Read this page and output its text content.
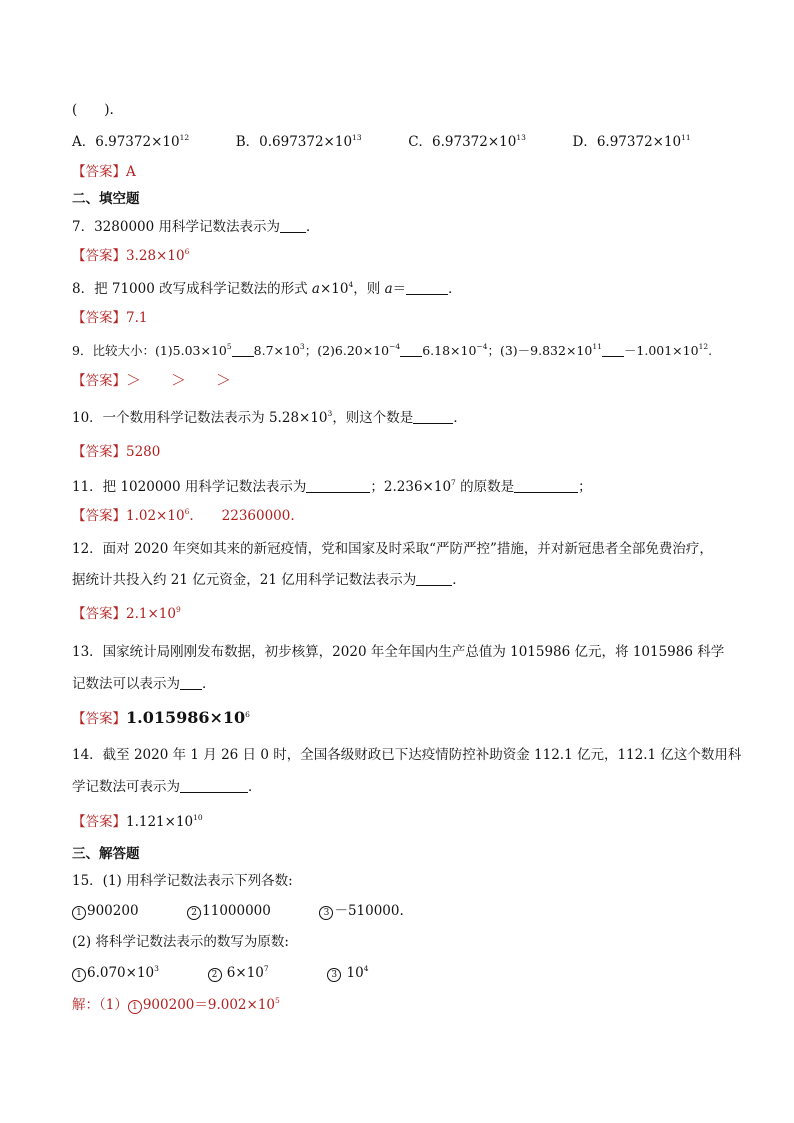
(　　).
A．$6.97372\times 10^{12}$	B．$0.697372\times 10^{13}$	C．$6.97372\times 10^{13}$	D．$6.97372\times 10^{11}$
【答案】A
二、填空题
7．3280000 用科学记数法表示为 ．
【答案】$3.28\times 10^6$
8．把 71000 改写成科学记数法的形式 $a\times 10^4$，则 a＝	．
【答案】7.1
9．比较大小：$(1)5.03\times 10^5$ $8.7\times 10^3$；$(2)6.20\times 10^{-4}$ $6.18\times 10^{-4}$；$(3)-9.832\times 10^{11} -1.001\times 10^{12}$.
【答案】＞ ＞ ＞
10．一个数用科学记数法表示为 $5.28\times 10^3$，则这个数是	．
【答案】5280
11．把 1020000 用科学记数法表示为	；$2.236\times 10^7$ 的原数是	；
【答案】$1.02\times 10^6$. 22360000.
12．面对 2020 年突如其来的新冠疫情，党和国家及时采取“严防严控”措施，并对新冠患者全部免费治疗，
据统计共投入约 21 亿元资金，21 亿用科学记数法表示为	．
【答案】$2.1\times 10^9$
13．国家统计局刚刚发布数据，初步核算，2020 年全年国内生产总值为 1015986 亿元，将 1015986 科学
记数法可以表示为 ．
【答案】$1.015986\times 10^6$
14．截至 2020 年 1 月 26 日 0 时，全国各级财政已下达疫情防控补助资金 112.1 亿元，112.1 亿这个数用科
学记数法可表示为	．
【答案】$1.121\times 10^{10}$
三、解答题
15．(1) 用科学记数法表示下列各数:
1 900200	2 11000000	3 －510000.
(2) 将科学记数法表示的数写为原数:
1 $6.070\times 10^3$  2 $6\times 10^7$  3 $10^4$
解：（1） 1 $900200=9.002\times 10^5$
